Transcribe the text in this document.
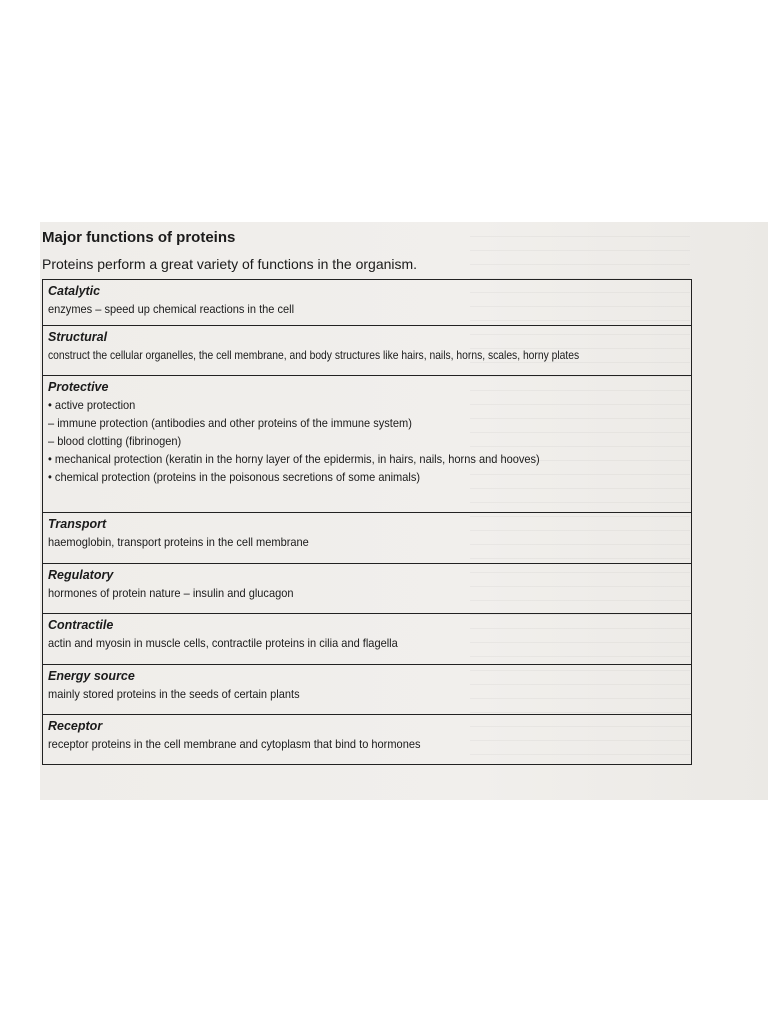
Major functions of proteins
Proteins perform a great variety of functions in the organism.
Catalytic
enzymes – speed up chemical reactions in the cell
Structural
construct the cellular organelles, the cell membrane, and body structures like hairs, nails, horns, scales, horny plates
Protective
• active protection
– immune protection (antibodies and other proteins of the immune system)
– blood clotting (fibrinogen)
• mechanical protection (keratin in the horny layer of the epidermis, in hairs, nails, horns and hooves)
• chemical protection (proteins in the poisonous secretions of some animals)
Transport
haemoglobin, transport proteins in the cell membrane
Regulatory
hormones of protein nature – insulin and glucagon
Contractile
actin and myosin in muscle cells, contractile proteins in cilia and flagella
Energy source
mainly stored proteins in the seeds of certain plants
Receptor
receptor proteins in the cell membrane and cytoplasm that bind to hormones
